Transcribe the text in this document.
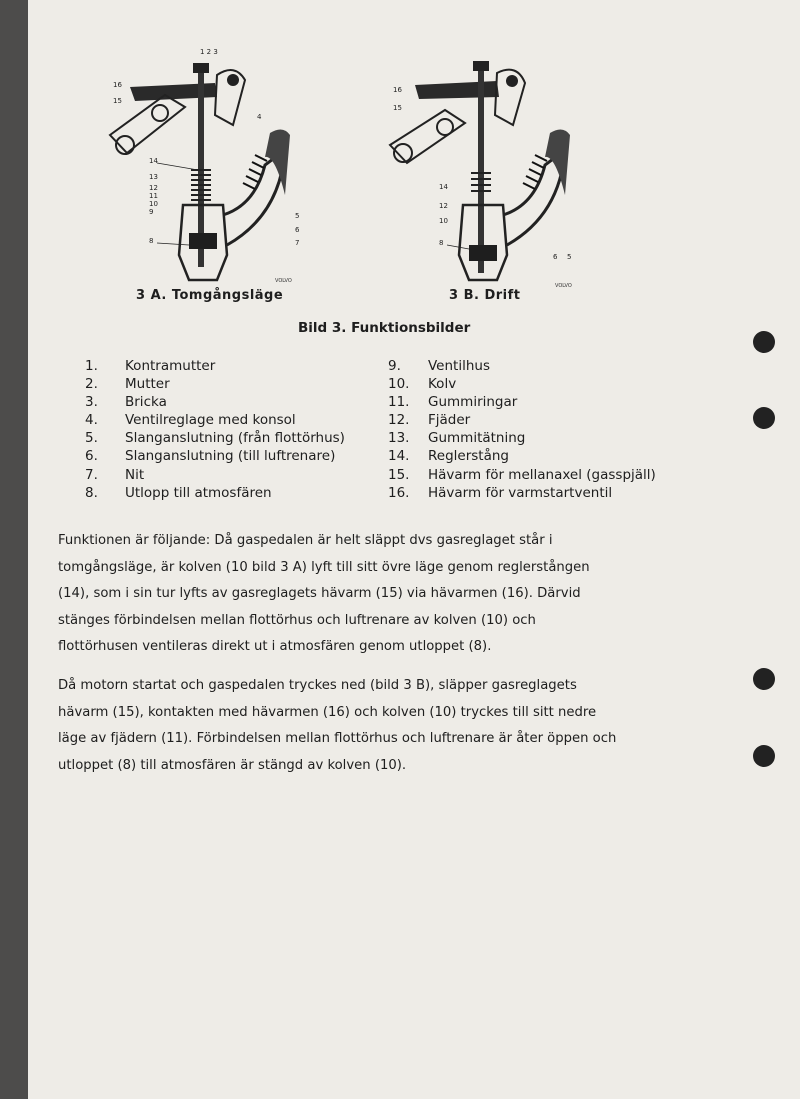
1 2 3
16
15
4
14
13
12
11
10
9
8
5
6
7
VOLVO
3 A. Tomgångsläge
16
15
14
12
10
8
6 5
VOLVO
3 B. Drift
Bild 3. Funktionsbilder
1. Kontramutter
2. Mutter
3. Bricka
4. Ventilreglage med konsol
5. Slanganslutning (från flottörhus)
6. Slanganslutning (till luftrenare)
7. Nit
8. Utlopp till atmosfären
9. Ventilhus
10. Kolv
11. Gummiringar
12. Fjäder
13. Gummitätning
14. Reglerstång
15. Hävarm för mellanaxel (gasspjäll)
16. Hävarm för varmstartventil
Funktionen är följande: Då gaspedalen är helt släppt dvs gasreglaget står i tomgångsläge, är kolven (10 bild 3 A) lyft till sitt övre läge genom reglerstången (14), som i sin tur lyfts av gasreglagets hävarm (15) via hävarmen (16). Därvid stänges förbindelsen mellan flottörhus och luftrenare av kolven (10) och flottörhusen ventileras direkt ut i atmosfären genom utloppet (8).
Då motorn startat och gaspedalen tryckes ned (bild 3 B), släpper gasreglagets hävarm (15), kontakten med hävarmen (16) och kolven (10) tryckes till sitt nedre läge av fjädern (11). Förbindelsen mellan flottörhus och luftrenare är åter öppen och utloppet (8) till atmosfären är stängd av kolven (10).
